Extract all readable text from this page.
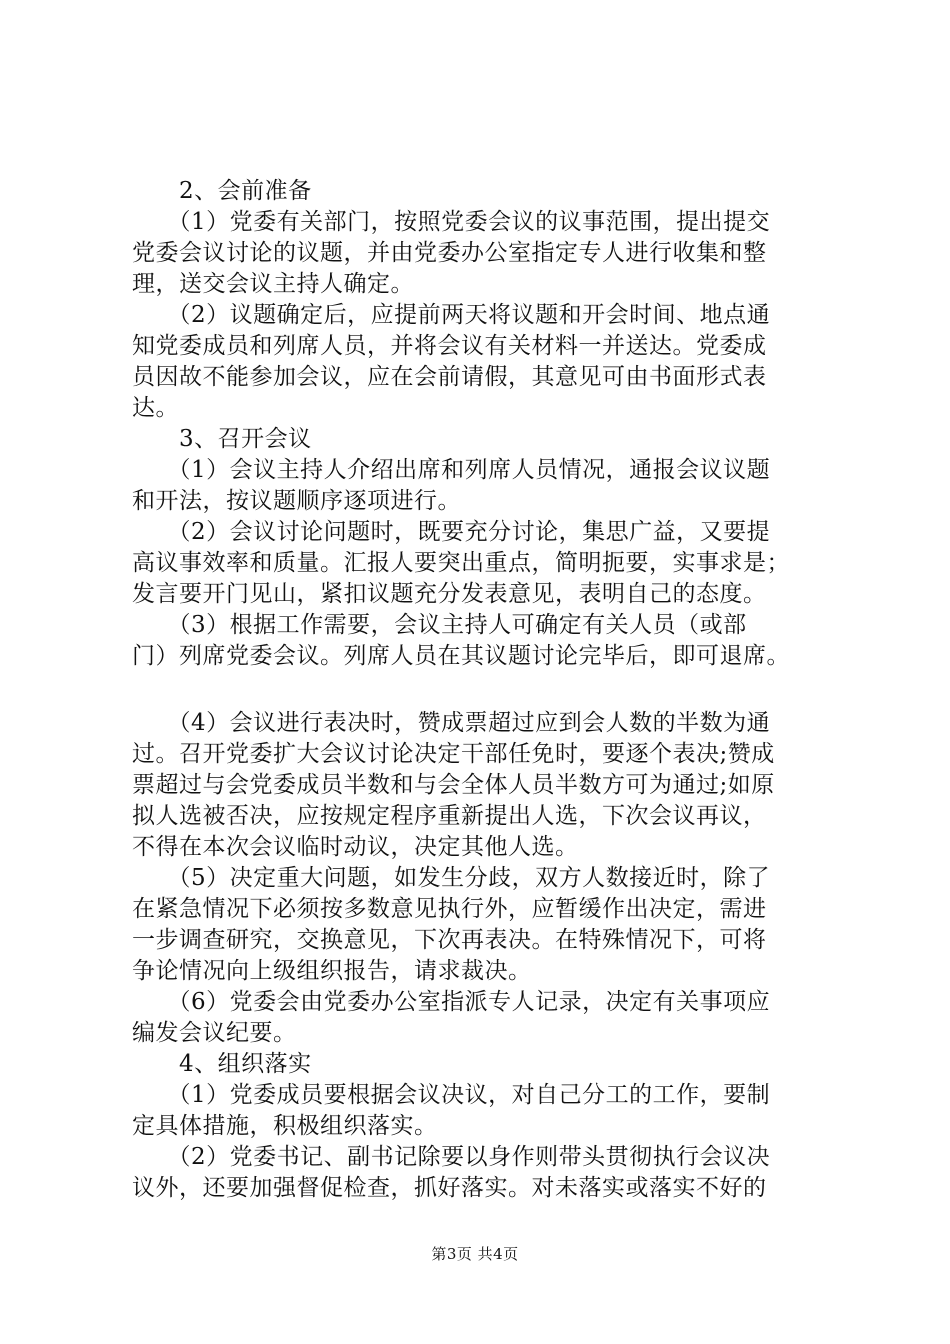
　　2、会前准备
　　（1）党委有关部门，按照党委会议的议事范围，提出提交
党委会议讨论的议题，并由党委办公室指定专人进行收集和整
理，送交会议主持人确定。
　　（2）议题确定后，应提前两天将议题和开会时间、地点通
知党委成员和列席人员，并将会议有关材料一并送达。党委成
员因故不能参加会议，应在会前请假，其意见可由书面形式表
达。
　　3、召开会议
　　（1）会议主持人介绍出席和列席人员情况，通报会议议题
和开法，按议题顺序逐项进行。
　　（2）会议讨论问题时，既要充分讨论，集思广益，又要提
高议事效率和质量。汇报人要突出重点，简明扼要，实事求是；
发言要开门见山，紧扣议题充分发表意见，表明自己的态度。
　　（3）根据工作需要，会议主持人可确定有关人员（或部
门）列席党委会议。列席人员在其议题讨论完毕后，即可退席。
　　（4）会议进行表决时，赞成票超过应到会人数的半数为通
过。召开党委扩大会议讨论决定干部任免时，要逐个表决;赞成
票超过与会党委成员半数和与会全体人员半数方可为通过;如原
拟人选被否决，应按规定程序重新提出人选，下次会议再议，
不得在本次会议临时动议，决定其他人选。
　　（5）决定重大问题，如发生分歧，双方人数接近时，除了
在紧急情况下必须按多数意见执行外，应暂缓作出决定，需进
一步调查研究，交换意见，下次再表决。在特殊情况下，可将
争论情况向上级组织报告，请求裁决。
　　（6）党委会由党委办公室指派专人记录，决定有关事项应
编发会议纪要。
　　4、组织落实
　　（1）党委成员要根据会议决议，对自己分工的工作，要制
定具体措施，积极组织落实。
　　（2）党委书记、副书记除要以身作则带头贯彻执行会议决
议外，还要加强督促检查，抓好落实。对未落实或落实不好的
第3页 共4页
